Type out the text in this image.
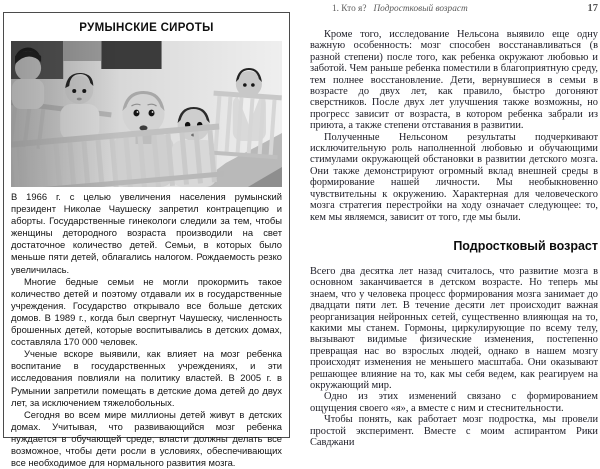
РУМЫНСКИЕ СИРОТЫ

В 1966 г. с целью увеличения населения румынский президент Николае Чаушеску запретил контрацепцию и аборты. Государственные гинекологи следили за тем, чтобы женщины детородного возраста производили на свет достаточное количество детей. Семьи, в которых было меньше пяти детей, облагались налогом. Рождаемость резко увеличилась.

Многие бедные семьи не могли прокормить такое количество детей и поэтому отдавали их в государственные учреждения. Государство открывало все больше детских домов. В 1989 г., когда был свергнут Чаушеску, численность брошенных детей, которые воспитывались в детских домах, составляла 170 000 человек.

Ученые вскоре выявили, как влияет на мозг ребенка воспитание в государственных учреждениях, и эти исследования повлияли на политику властей. В 2005 г. в Румынии запретили помещать в детские дома детей до двух лет, за исключением тяжелобольных.

Сегодня во всем мире миллионы детей живут в детских домах. Учитывая, что развивающийся мозг ребенка нуждается в обучающей среде, власти должны делать все возможное, чтобы дети росли в условиях, обеспечивающих все необходимое для нормального развития мозга.

1. Кто я? Подростковый возраст	17

Кроме того, исследование Нельсона выявило еще одну важную особенность: мозг способен восстанавливаться (в разной степени) после того, как ребенка окружают любовью и заботой. Чем раньше ребенка поместили в благоприятную среду, тем полнее восстановление. Дети, вернувшиеся в семьи в возрасте до двух лет, как правило, быстро догоняют сверстников. После двух лет улучшения также возможны, но прогресс зависит от возраста, в котором ребенка забрали из приюта, а также степени отставания в развитии.

Полученные Нельсоном результаты подчеркивают исключительную роль наполненной любовью и обучающими стимулами окружающей обстановки в развитии детского мозга. Они также демонстрируют огромный вклад внешней среды в формирование нашей личности. Мы необыкновенно чувствительны к окружению. Характерная для человеческого мозга стратегия перестройки на ходу означает следующее: то, кем мы являемся, зависит от того, где мы были.

Подростковый возраст

Всего два десятка лет назад считалось, что развитие мозга в основном заканчивается в детском возрасте. Но теперь мы знаем, что у человека процесс формирования мозга занимает до двадцати пяти лет. В течение десяти лет происходит важная реорганизация нейронных сетей, существенно влияющая на то, какими мы станем. Гормоны, циркулирующие по всему телу, вызывают видимые физические изменения, постепенно превращая нас во взрослых людей, однако в нашем мозгу происходят изменения не меньшего масштаба. Они оказывают решающее влияние на то, как мы себя ведем, как реагируем на окружающий мир.

Одно из этих изменений связано с формированием ощущения своего «я», а вместе с ним и стеснительности.

Чтобы понять, как работает мозг подростка, мы провели простой эксперимент. Вместе с моим аспирантом Рики Савджани
